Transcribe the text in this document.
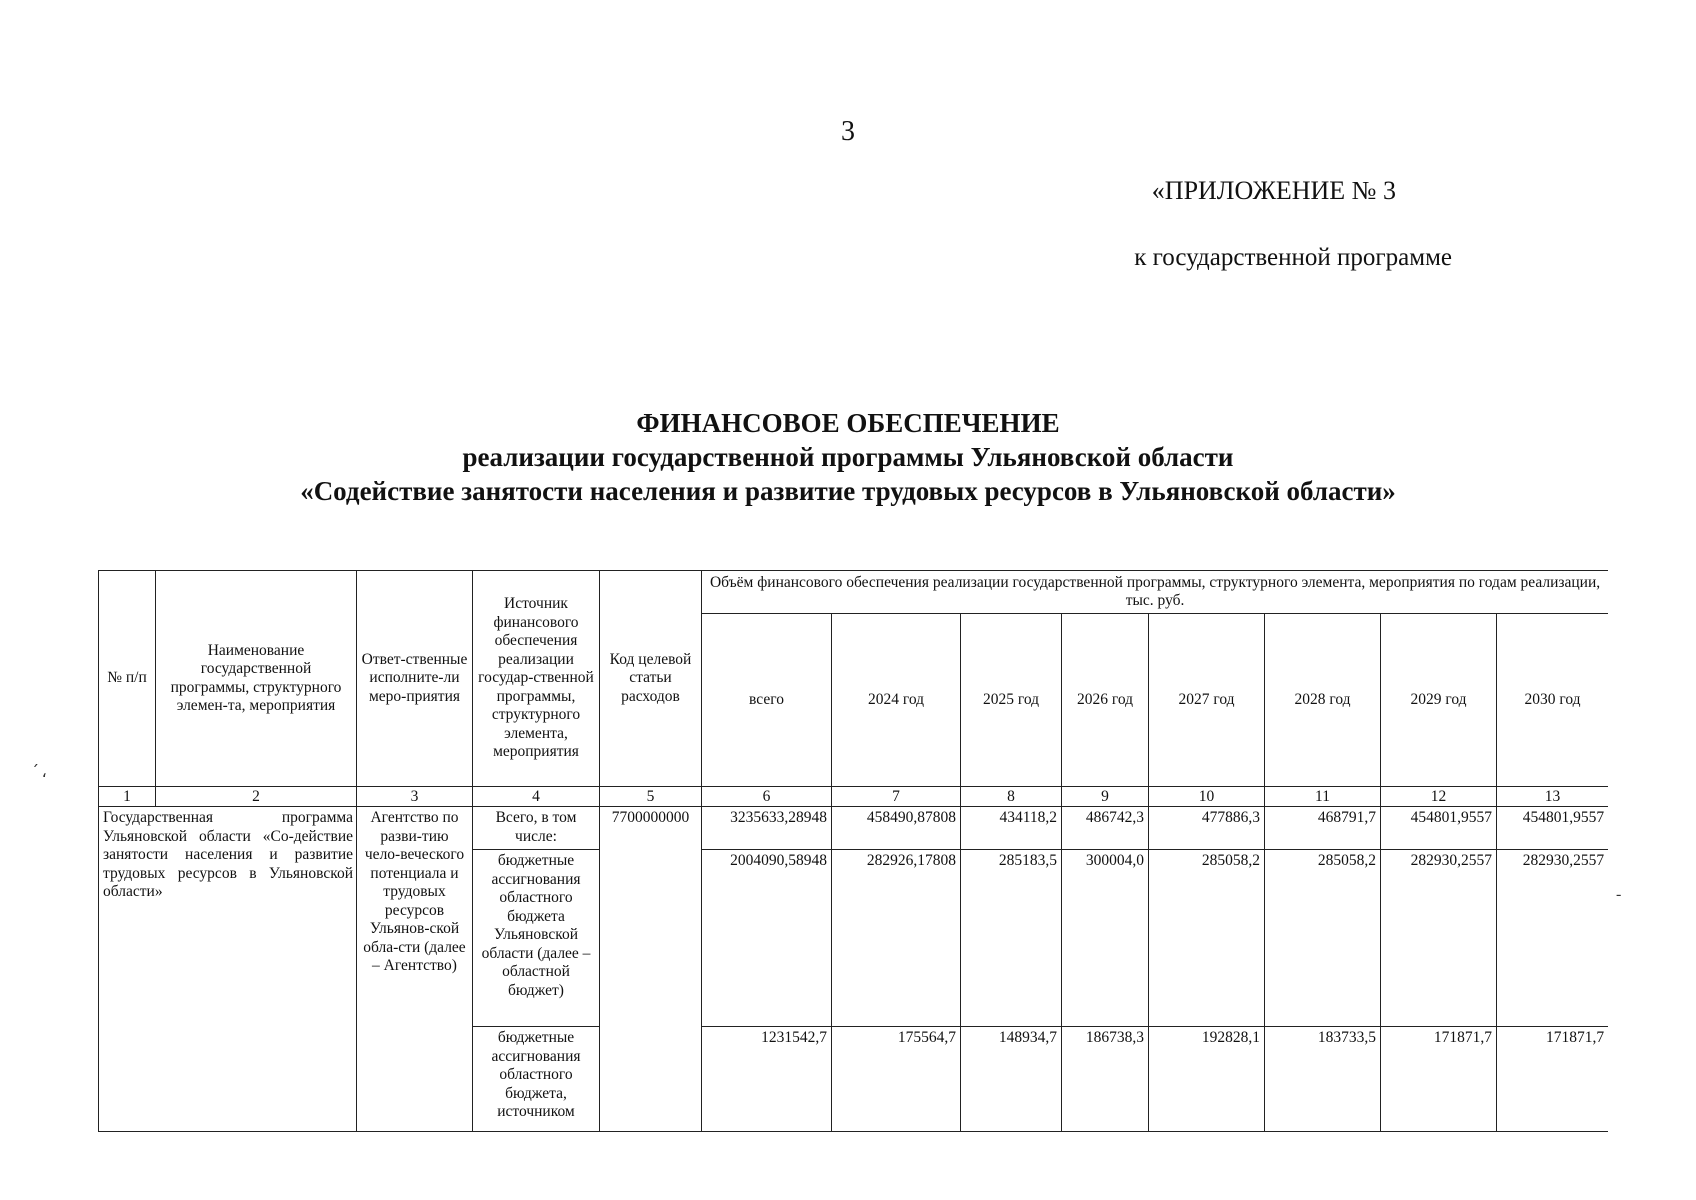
3
«ПРИЛОЖЕНИЕ № 3
к государственной программе
ФИНАНСОВОЕ ОБЕСПЕЧЕНИЕ
реализации государственной программы Ульяновской области
«Содействие занятости населения и развитие трудовых ресурсов в Ульяновской области»
՛ ،
-
№ п/п	Наименование государственной программы, структурного элемен-та, мероприятия	Ответ-ственные исполните-ли меро-приятия	Источник финансового обеспечения реализации государ-ственной программы, структурного элемента, мероприятия	Код целевой статьи расходов	Объём финансового обеспечения реализации государственной программы, структурного элемента, мероприятия по годам реализации, тыс. руб.							
					всего	2024 год	2025 год	2026 год	2027 год	2028 год	2029 год	2030 год
1	2	3	4	5	6	7	8	9	10	11	12	13

Государственная программа Ульяновской области «Со-действие занятости населения и развитие трудовых ресурсов в Ульяновской области»		Агентство по разви-тию чело-веческого потенциала и трудовых ресурсов Ульянов-ской обла-сти (далее – Агентство)	Всего, в том числе:	7700000000	3235633,28948	458490,87808	434118,2	486742,3	477886,3	468791,7	454801,9557	454801,9557
			бюджетные ассигнования областного бюджета Ульяновской области (далее – областной бюджет)		2004090,58948	282926,17808	285183,5	300004,0	285058,2	285058,2	282930,2557	282930,2557
			бюджетные ассигнования областного бюджета, источником		1231542,7	175564,7	148934,7	186738,3	192828,1	183733,5	171871,7	171871,7
